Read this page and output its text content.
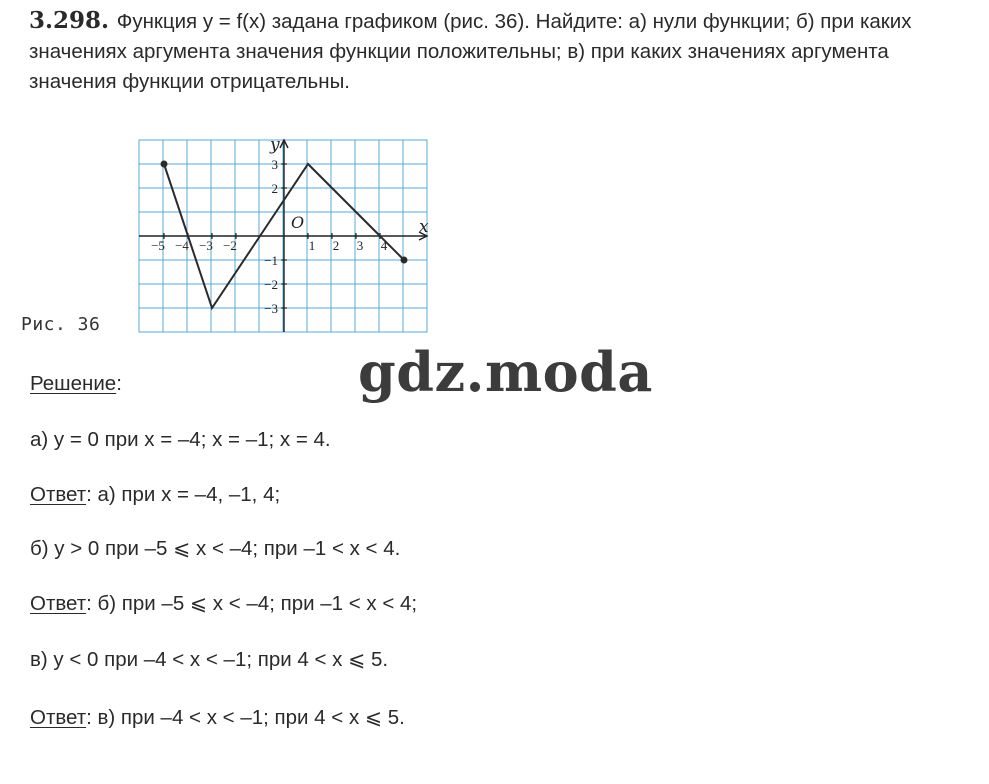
3.298. Функция y = f(x) задана графиком (рис. 36). Найдите: а) нули функции; б) при каких значениях аргумента значения функции положительны; в) при каких значениях аргумента значения функции отрицательны.
x
y
O
−5 −4 −3 −2	1 2 3 4
3
2
−1
−2
−3
Рис. 36
gdz.moda
Решение:
а) y = 0 при x = –4; x = –1; x = 4.
Ответ: а) при x = –4, –1, 4;
б) y > 0 при –5 ⩽ x < –4; при –1 < x < 4.
Ответ: б) при –5 ⩽ x < –4; при –1 < x < 4;
в) y < 0 при –4 < x < –1; при 4 < x ⩽ 5.
Ответ: в) при –4 < x < –1; при 4 < x ⩽ 5.
